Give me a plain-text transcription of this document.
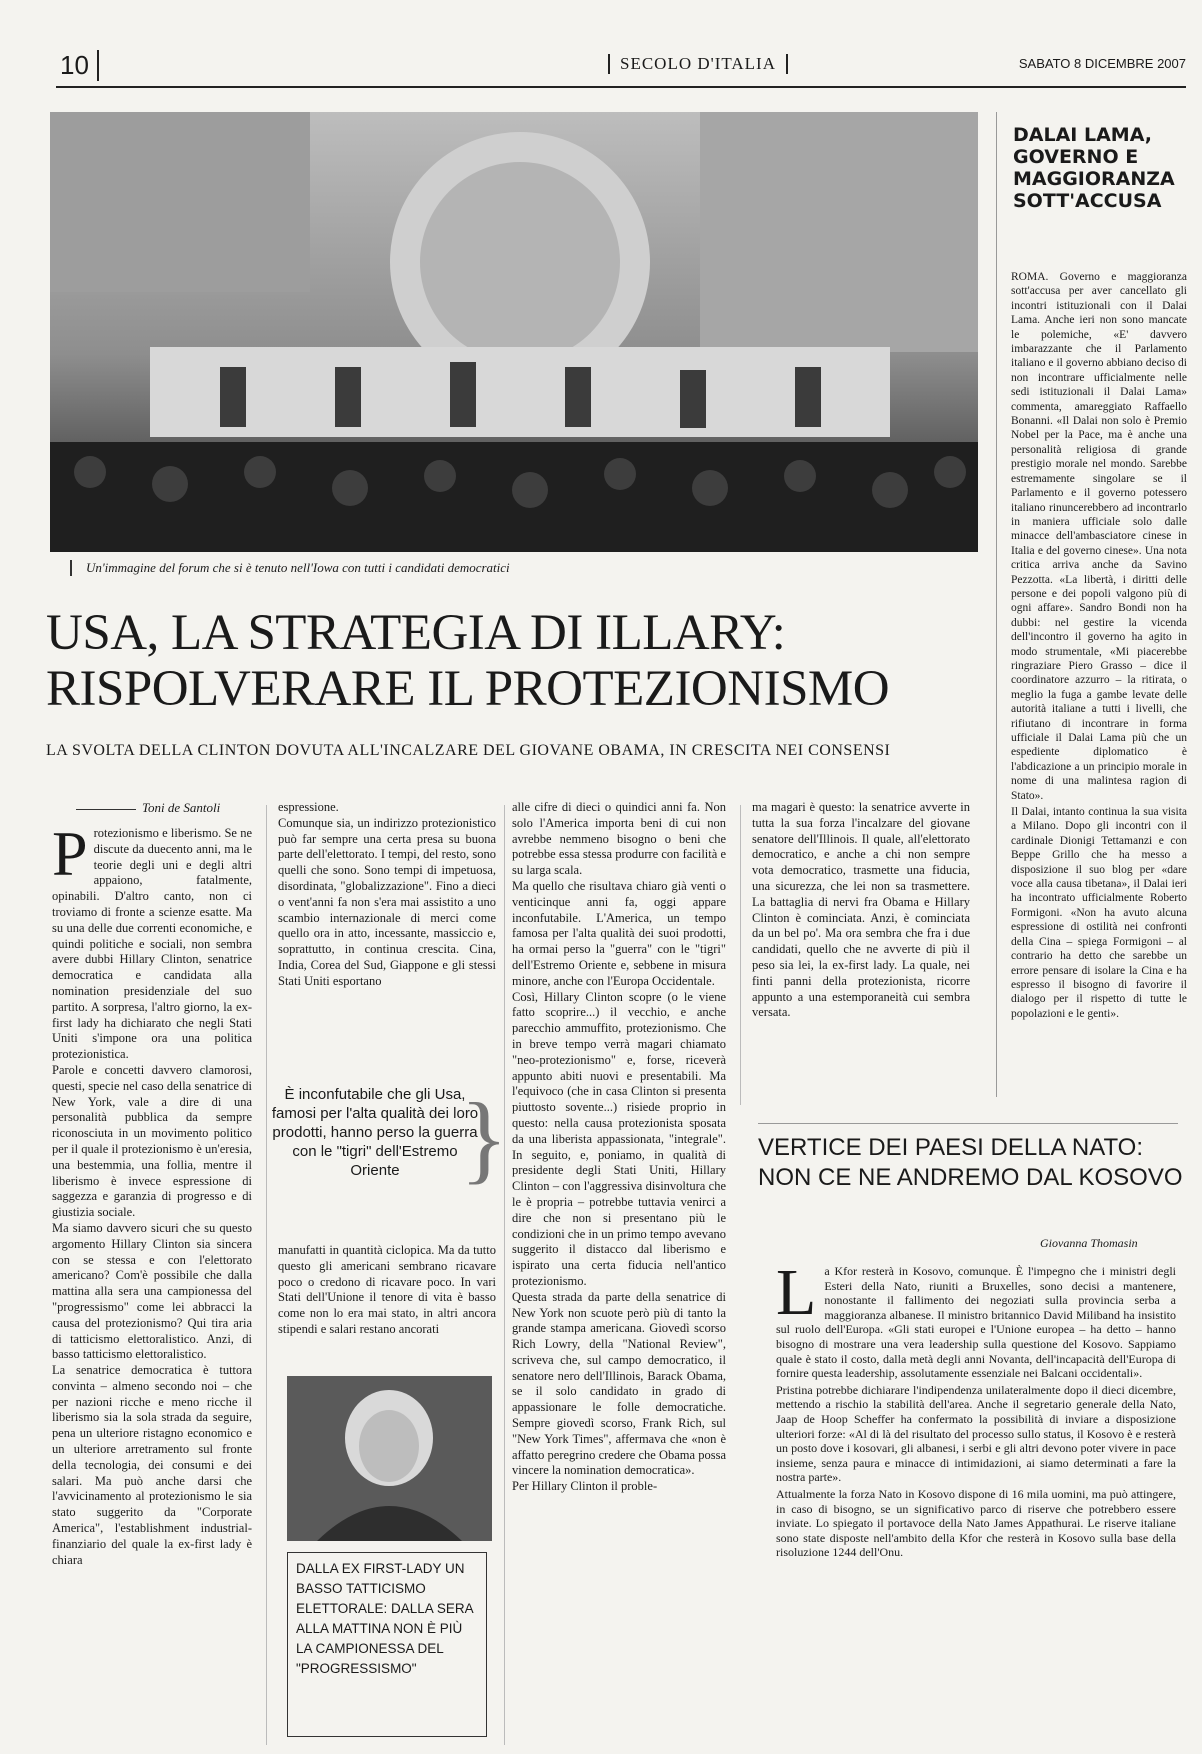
10	SECOLO D'ITALIA	SABATO 8 DICEMBRE 2007
Un'immagine del forum che si è tenuto nell'Iowa con tutti i candidati democratici
USA, LA STRATEGIA DI ILLARY:
RISPOLVERARE IL PROTEZIONISMO
LA SVOLTA DELLA CLINTON DOVUTA ALL'INCALZARE DEL GIOVANE OBAMA, IN CRESCITA NEI CONSENSI
Toni de Santoli
P rotezionismo e liberismo. Se ne discute da duecento anni, ma le teorie degli uni e degli altri appaiono, fatalmente, opinabili. D'altro canto, non ci troviamo di fronte a scienze esatte. Ma su una delle due correnti economiche, e quindi politiche e sociali, non sembra avere dubbi Hillary Clinton, senatrice democratica e candidata alla nomination presidenziale del suo partito. A sorpresa, l'altro giorno, la ex-first lady ha dichiarato che negli Stati Uniti s'impone ora una politica protezionistica.

Parole e concetti davvero clamorosi, questi, specie nel caso della senatrice di New York, vale a dire di una personalità pubblica da sempre riconosciuta in un movimento politico per il quale il protezionismo è un'eresia, una bestemmia, una follia, mentre il liberismo è invece espressione di saggezza e garanzia di progresso e di giustizia sociale.

Ma siamo davvero sicuri che su questo argomento Hillary Clinton sia sincera con se stessa e con l'elettorato americano? Com'è possibile che dalla mattina alla sera una campionessa del "progressismo" come lei abbracci la causa del protezionismo? Qui tira aria di tatticismo elettoralistico. Anzi, di basso tatticismo elettoralistico.

La senatrice democratica è tuttora convinta – almeno secondo noi – che per nazioni ricche e meno ricche il liberismo sia la sola strada da seguire, pena un ulteriore ristagno economico e un ulteriore arretramento sul fronte della tecnologia, dei consumi e dei salari. Ma può anche darsi che l'avvicinamento al protezionismo le sia stato suggerito da "Corporate America", l'establishment industrial-finanziario del quale la ex-first lady è chiara

espressione.

Comunque sia, un indirizzo protezionistico può far sempre una certa presa su buona parte dell'elettorato. I tempi, del resto, sono quelli che sono. Sono tempi di impetuosa, disordinata, "globalizzazione". Fino a dieci o vent'anni fa non s'era mai assistito a uno scambio internazionale di merci come quello ora in atto, incessante, massiccio e, soprattutto, in continua crescita. Cina, India, Corea del Sud, Giappone e gli stessi Stati Uniti esportano

È inconfutabile che gli Usa, famosi per l'alta qualità dei loro prodotti, hanno perso la guerra con le "tigri" dell'Estremo Oriente }

manufatti in quantità ciclopica. Ma da tutto questo gli americani sembrano ricavare poco o credono di ricavare poco. In vari Stati dell'Unione il tenore di vita è basso come non lo era mai stato, in altri ancora stipendi e salari restano ancorati

DALLA EX FIRST-LADY UN BASSO TATTICISMO ELETTORALE: DALLA SERA ALLA MATTINA NON È PIÙ LA CAMPIONESSA DEL "PROGRESSISMO"

alle cifre di dieci o quindici anni fa. Non solo l'America importa beni di cui non avrebbe nemmeno bisogno o beni che potrebbe essa stessa produrre con facilità e su larga scala.

Ma quello che risultava chiaro già venti o venticinque anni fa, oggi appare inconfutabile. L'America, un tempo famosa per l'alta qualità dei suoi prodotti, ha ormai perso la "guerra" con le "tigri" dell'Estremo Oriente e, sebbene in misura minore, anche con l'Europa Occidentale.

Così, Hillary Clinton scopre (o le viene fatto scoprire...) il vecchio, e anche parecchio ammuffito, protezionismo. Che in breve tempo verrà magari chiamato "neo-protezionismo" e, forse, riceverà appunto abiti nuovi e presentabili. Ma l'equivoco (che in casa Clinton si presenta piuttosto sovente...) risiede proprio in questo: nella causa protezionista sposata da una liberista appassionata, "integrale". In seguito, e, poniamo, in qualità di presidente degli Stati Uniti, Hillary Clinton – con l'aggressiva disinvoltura che le è propria – potrebbe tuttavia venirci a dire che non si presentano più le condizioni che in un primo tempo avevano suggerito il distacco dal liberismo e ispirato una certa fiducia nell'antico protezionismo.

Questa strada da parte della senatrice di New York non scuote però più di tanto la grande stampa americana. Giovedì scorso Rich Lowry, della "National Review", scriveva che, sul campo democratico, il senatore nero dell'Illinois, Barack Obama, se il solo candidato in grado di appassionare le folle democratiche. Sempre giovedì scorso, Frank Rich, sul "New York Times", affermava che «non è affatto peregrino credere che Obama possa vincere la nomination democratica».

Per Hillary Clinton il proble-

ma magari è questo: la senatrice avverte in tutta la sua forza l'incalzare del giovane senatore dell'Illinois. Il quale, all'elettorato democratico, e anche a chi non sempre vota democratico, trasmette una fiducia, una sicurezza, che lei non sa trasmettere. La battaglia di nervi fra Obama e Hillary Clinton è cominciata. Anzi, è cominciata da un bel po'. Ma ora sembra che fra i due candidati, quello che ne avverte di più il peso sia lei, la ex-first lady. La quale, nei finti panni della protezionista, ricorre appunto a una estemporaneità cui sembra versata.

DALAI LAMA, GOVERNO E MAGGIORANZA SOTT'ACCUSA

ROMA. Governo e maggioranza sott'accusa per aver cancellato gli incontri istituzionali con il Dalai Lama. Anche ieri non sono mancate le polemiche, «E' davvero imbarazzante che il Parlamento italiano e il governo abbiano deciso di non incontrare ufficialmente nelle sedi istituzionali il Dalai Lama» commenta, amareggiato Raffaello Bonanni. «Il Dalai non solo è Premio Nobel per la Pace, ma è anche una personalità religiosa di grande prestigio morale nel mondo. Sarebbe estremamente singolare se il Parlamento e il governo potessero italiano rinuncerebbero ad incontrarlo in maniera ufficiale solo dalle minacce dell'ambasciatore cinese in Italia e del governo cinese». Una nota critica arriva anche da Savino Pezzotta. «La libertà, i diritti delle persone e dei popoli valgono più di ogni affare». Sandro Bondi non ha dubbi: nel gestire la vicenda dell'incontro il governo ha agito in modo strumentale, «Mi piacerebbe ringraziare Piero Grasso – dice il coordinatore azzurro – la ritirata, o meglio la fuga a gambe levate delle autorità italiane a tutti i livelli, che rifiutano di incontrare in forma ufficiale il Dalai Lama più che un espediente diplomatico è l'abdicazione a un principio morale in nome di una malintesa ragion di Stato».

Il Dalai, intanto continua la sua visita a Milano. Dopo gli incontri con il cardinale Dionigi Tettamanzi e con Beppe Grillo che ha messo a disposizione il suo blog per «dare voce alla causa tibetana», il Dalai ieri ha incontrato ufficialmente Roberto Formigoni. «Non ha avuto alcuna espressione di ostilità nei confronti della Cina – spiega Formigoni – al contrario ha detto che sarebbe un errore pensare di isolare la Cina e ha espresso il bisogno di favorire il dialogo per il rispetto di tutte le popolazioni e le genti».

VERTICE DEI PAESI DELLA NATO:
NON CE NE ANDREMO DAL KOSOVO
Giovanna Thomasin
L a Kfor resterà in Kosovo, comunque. È l'impegno che i ministri degli Esteri della Nato, riuniti a Bruxelles, sono decisi a mantenere, nonostante il fallimento dei negoziati sulla provincia serba a maggioranza albanese. Il ministro britannico David Miliband ha insistito sul ruolo dell'Europa. «Gli stati europei e l'Unione europea – ha detto – hanno bisogno di mostrare una vera leadership sulla questione del Kosovo. Sappiamo quale è stato il costo, dalla metà degli anni Novanta, dell'incapacità dell'Europa di fornire questa leadership, assolutamente essenziale nei Balcani occidentali».

Pristina potrebbe dichiarare l'indipendenza unilateralmente dopo il dieci dicembre, mettendo a rischio la stabilità dell'area. Anche il segretario generale della Nato, Jaap de Hoop Scheffer ha confermato la possibilità di inviare a disposizione ulteriori forze: «Al di là del risultato del processo sullo status, il Kosovo è e resterà un posto dove i kosovari, gli albanesi, i serbi e gli altri devono poter vivere in pace insieme, senza paura e minacce di intimidazioni, ai siamo determinati a fare la nostra parte».

Attualmente la forza Nato in Kosovo dispone di 16 mila uomini, ma può attingere, in caso di bisogno, se un significativo parco di riserve che potrebbero essere inviate. Lo spiegato il portavoce della Nato James Appathurai. Le riserve italiane sono state disposte nell'ambito della Kfor che resterà in Kosovo sulla base della risoluzione 1244 dell'Onu.
